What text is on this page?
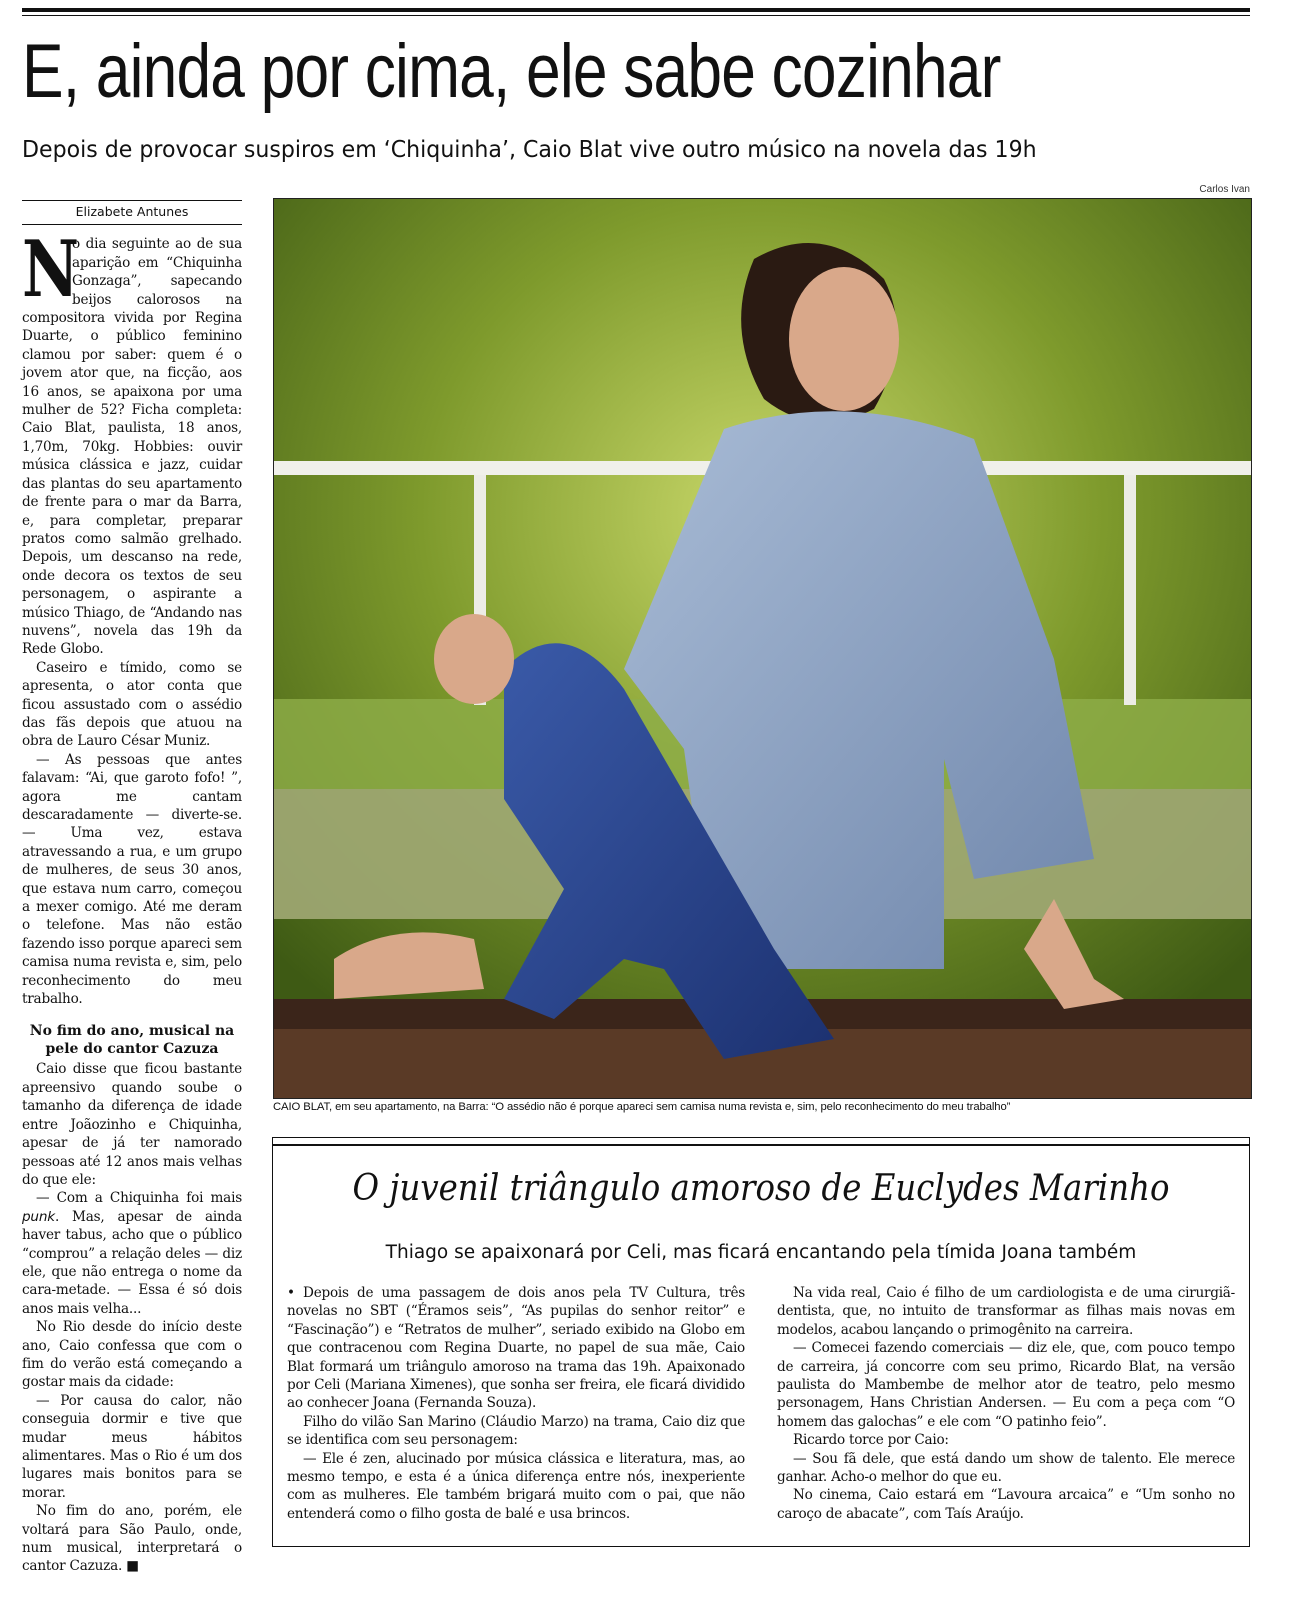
E, ainda por cima, ele sabe cozinhar
Depois de provocar suspiros em ‘Chiquinha’, Caio Blat vive outro músico na novela das 19h
Carlos Ivan
Elizabete Antunes

N
o dia seguinte ao de sua aparição em “Chiquinha Gonzaga”, sapecando beijos calorosos na compositora vivida por Regina Duarte, o público feminino clamou por saber: quem é o jovem ator que, na ficção, aos 16 anos, se apaixona por uma mulher de 52? Ficha completa: Caio Blat, paulista, 18 anos, 1,70m, 70kg. Hobbies: ouvir música clássica e jazz, cuidar das plantas do seu apartamento de frente para o mar da Barra, e, para completar, preparar pratos como salmão grelhado. Depois, um descanso na rede, onde decora os textos de seu personagem, o aspirante a músico Thiago, de “Andando nas nuvens”, novela das 19h da Rede Globo.

Caseiro e tímido, como se apresenta, o ator conta que ficou assustado com o assédio das fãs depois que atuou na obra de Lauro César Muniz.

— As pessoas que antes falavam: “Ai, que garoto fofo! ”, agora me cantam descaradamente — diverte-se. — Uma vez, estava atravessando a rua, e um grupo de mulheres, de seus 30 anos, que estava num carro, começou a mexer comigo. Até me deram o telefone. Mas não estão fazendo isso porque apareci sem camisa numa revista e, sim, pelo reconhecimento do meu trabalho.

No fim do ano, musical na pele do cantor Cazuza

Caio disse que ficou bastante apreensivo quando soube o tamanho da diferença de idade entre Joãozinho e Chiquinha, apesar de já ter namorado pessoas até 12 anos mais velhas do que ele:

— Com a Chiquinha foi mais punk. Mas, apesar de ainda haver tabus, acho que o público “comprou” a relação deles — diz ele, que não entrega o nome da cara-metade. — Essa é só dois anos mais velha...

No Rio desde do início deste ano, Caio confessa que com o fim do verão está começando a gostar mais da cidade:

— Por causa do calor, não conseguia dormir e tive que mudar meus hábitos alimentares. Mas o Rio é um dos lugares mais bonitos para se morar.

No fim do ano, porém, ele voltará para São Paulo, onde, num musical, interpretará o cantor Cazuza. ■

CAIO BLAT, em seu apartamento, na Barra: “O assédio não é porque apareci sem camisa numa revista e, sim, pelo reconhecimento do meu trabalho”
O juvenil triângulo amoroso de Euclydes Marinho
Thiago se apaixonará por Celi, mas ficará encantando pela tímida Joana também

• Depois de uma passagem de dois anos pela TV Cultura, três novelas no SBT (“Éramos seis”, “As pupilas do senhor reitor” e “Fascinação”) e “Retratos de mulher”, seriado exibido na Globo em que contracenou com Regina Duarte, no papel de sua mãe, Caio Blat formará um triângulo amoroso na trama das 19h. Apaixonado por Celi (Mariana Ximenes), que sonha ser freira, ele ficará dividido ao conhecer Joana (Fernanda Souza).

Filho do vilão San Marino (Cláudio Marzo) na trama, Caio diz que se identifica com seu personagem:

— Ele é zen, alucinado por música clássica e literatura, mas, ao mesmo tempo, e esta é a única diferença entre nós, inexperiente com as mulheres. Ele também brigará muito com o pai, que não entenderá como o filho gosta de balé e usa brincos.

Na vida real, Caio é filho de um cardiologista e de uma cirurgiã-dentista, que, no intuito de transformar as filhas mais novas em modelos, acabou lançando o primogênito na carreira.

— Comecei fazendo comerciais — diz ele, que, com pouco tempo de carreira, já concorre com seu primo, Ricardo Blat, na versão paulista do Mambembe de melhor ator de teatro, pelo mesmo personagem, Hans Christian Andersen. — Eu com a peça com “O homem das galochas” e ele com “O patinho feio”.

Ricardo torce por Caio:

— Sou fã dele, que está dando um show de talento. Ele merece ganhar. Acho-o melhor do que eu.

No cinema, Caio estará em “Lavoura arcaica” e “Um sonho no caroço de abacate”, com Taís Araújo.
